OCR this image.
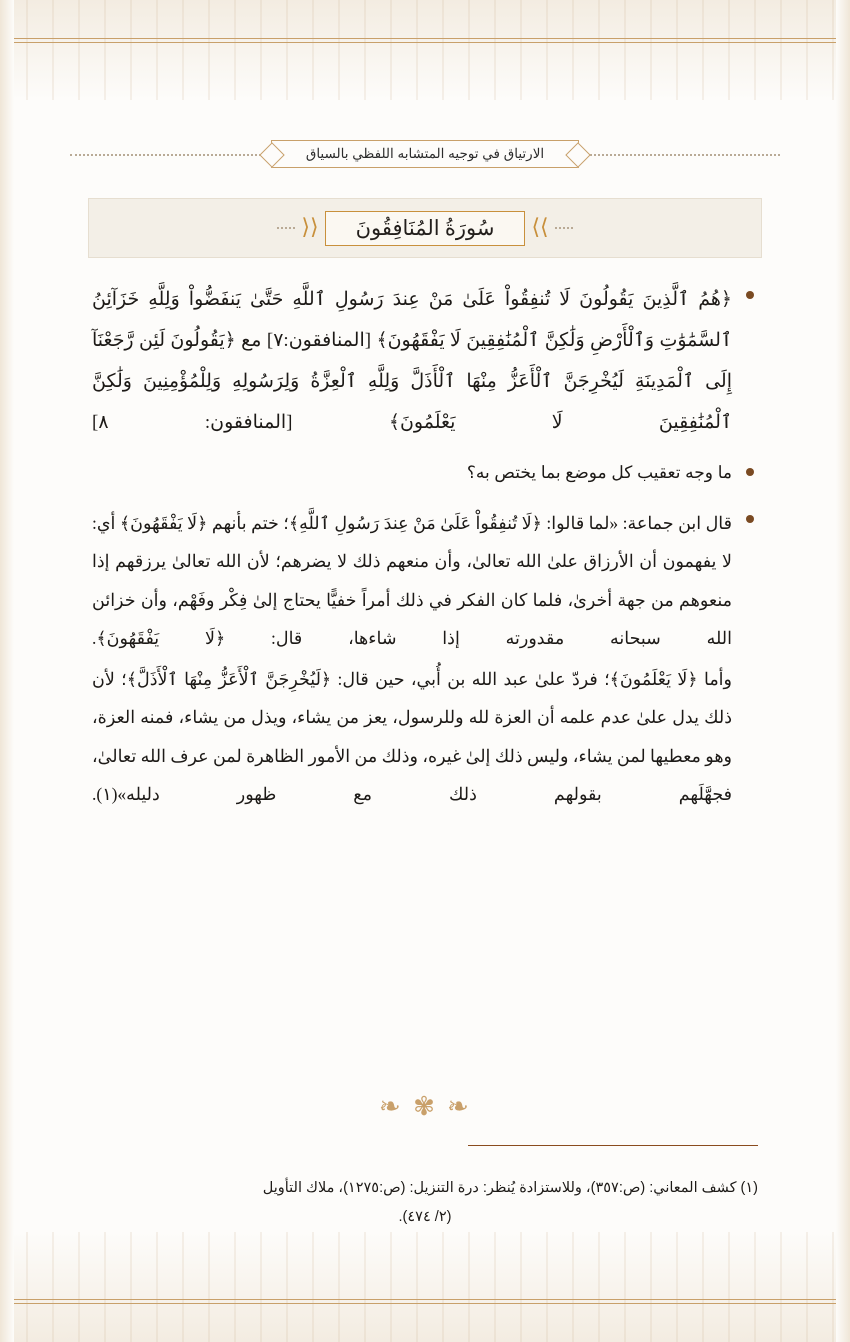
الارتياق في توجيه المتشابه اللفظي بالسياق
⟩⟩
سُورَةُ المُنَافِقُونَ
⟨⟨
﴿هُمُ ٱلَّذِينَ يَقُولُونَ لَا تُنفِقُواْ عَلَىٰ مَنْ عِندَ رَسُولِ ٱللَّهِ حَتَّىٰ يَنفَضُّواْ وَلِلَّهِ خَزَآئِنُ ٱلسَّمَٰوَٰتِ وَٱلْأَرْضِ وَلَٰكِنَّ ٱلْمُنَٰفِقِينَ لَا يَفْقَهُونَ﴾ [المنافقون:٧] مع ﴿يَقُولُونَ لَئِن رَّجَعْنَآ إِلَى ٱلْمَدِينَةِ لَيُخْرِجَنَّ ٱلْأَعَزُّ مِنْهَا ٱلْأَذَلَّ وَلِلَّهِ ٱلْعِزَّةُ وَلِرَسُولِهِ وَلِلْمُؤْمِنِينَ وَلَٰكِنَّ ٱلْمُنَٰفِقِينَ لَا يَعْلَمُونَ﴾ [المنافقون: ٨]
ما وجه تعقيب كل موضع بما يختص به؟
قال ابن جماعة: «لما قالوا: ﴿لَا تُنفِقُواْ عَلَىٰ مَنْ عِندَ رَسُولِ ٱللَّهِ﴾؛ ختم بأنهم ﴿لَا يَفْقَهُونَ﴾ أي: لا يفهمون أن الأرزاق علىٰ الله تعالىٰ، وأن منعهم ذلك لا يضرهم؛ لأن الله تعالىٰ يرزقهم إذا منعوهم من جهة أخرىٰ، فلما كان الفكر في ذلك أمراً خفيًّا يحتاج إلىٰ فِكْر وفَهْم، وأن خزائن الله سبحانه مقدورته إذا شاءها، قال: ﴿لَا يَفْقَهُونَ﴾.
وأما ﴿لَا يَعْلَمُونَ﴾؛ فردّ علىٰ عبد الله بن أُبي، حين قال: ﴿لَيُخْرِجَنَّ ٱلْأَعَزُّ مِنْهَا ٱلْأَذَلَّ﴾؛ لأن ذلك يدل علىٰ عدم علمه أن العزة لله وللرسول، يعز من يشاء، ويذل من يشاء، فمنه العزة، وهو معطيها لمن يشاء، وليس ذلك إلىٰ غيره، وذلك من الأمور الظاهرة لمن عرف الله تعالىٰ، فجهَّلَهم بقولهم ذلك مع ظهور دليله»(١).
❧ ✾ ❧
(١) كشف المعاني: (ص:٣٥٧)، وللاستزادة يُنظر: درة التنزيل: (ص:١٢٧٥)، ملاك التأويل
(٢/ ٤٧٤).
